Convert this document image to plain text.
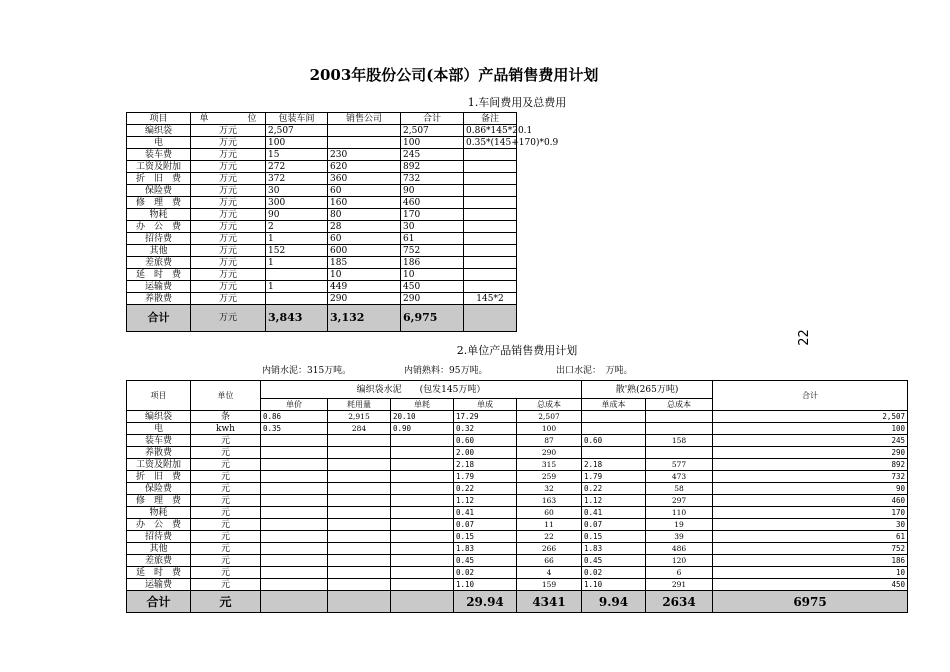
2003年股份公司(本部）产品销售费用计划
22
1.车间费用及总费用
项目	单 位	包装车间	销售公司	合计	备注
编织袋	万元	2,507		2,507	0.86*145*20.1
电	万元	100		100	0.35*(145+170)*0.9
装车费	万元	15	230	245	
工资及附加	万元	272	620	892	
折　旧　费	万元	372	360	732	
保险费	万元	30	60	90	
修　理　费	万元	300	160	460	
物耗	万元	90	80	170	
办　公　费	万元	2	28	30	
招待费	万元	1	60	61	
其他	万元	152	600	752	
差旅费	万元	1	185	186	
延　时　费	万元		10	10	
运输费	万元	1	449	450	
养散费	万元		290	290	145*2
合计	万元	3,843	3,132	6,975	
2.单位产品销售费用计划
内销水泥：315万吨。	内销熟料：95万吨。	出口水泥：　万吨。
项目	单位	编织袋水泥　　(包发145万吨）					散'熟(265万吨)		合计
		单价	耗用量	单耗	单成	总成本	单成本	总成本	
编织袋	条	0.86	2,915	20.10	17.29	2,507			2,507
电	kwh	0.35	284	0.90	0.32	100			100
装车费	元				0.60	87	0.60	158	245
养散费	元				2.00	290			290
工资及附加	元				2.18	315	2.18	577	892
折　旧　费	元				1.79	259	1.79	473	732
保险费	元				0.22	32	0.22	58	90
修　理　费	元				1.12	163	1.12	297	460
物耗	元				0.41	60	0.41	110	170
办　公　费	元				0.07	11	0.07	19	30
招待费	元				0.15	22	0.15	39	61
其他	元				1.83	266	1.83	486	752
差旅费	元				0.45	66	0.45	120	186
延　时　费	元				0.02	4	0.02	6	10
运输费	元				1.10	159	1.10	291	450
合计	元				29.94	4341	9.94	2634	6975
